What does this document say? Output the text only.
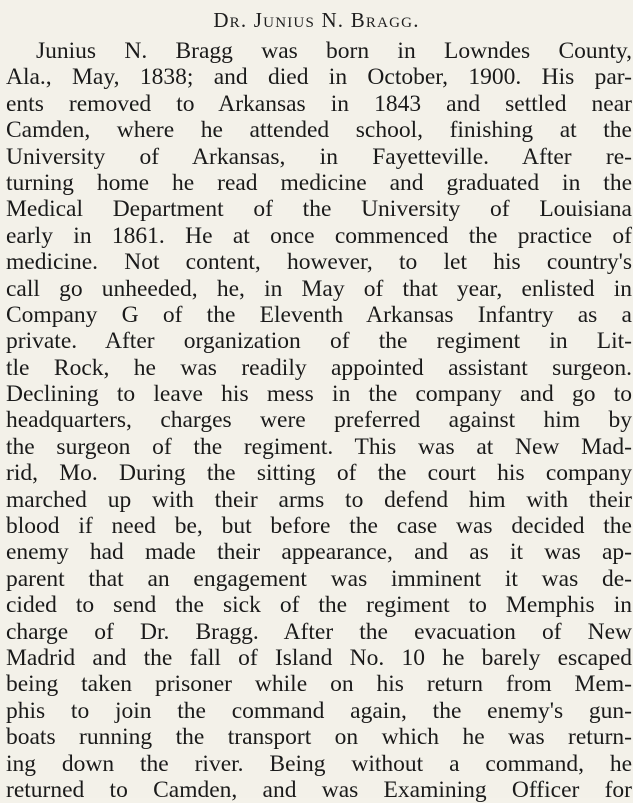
Dr. Junius N. Bragg.
Junius N. Bragg was born in Lowndes County,
Ala., May, 1838; and died in October, 1900. His par-
ents removed to Arkansas in 1843 and settled near
Camden, where he attended school, finishing at the
University of Arkansas, in Fayetteville. After re-
turning home he read medicine and graduated in the
Medical Department of the University of Louisiana
early in 1861. He at once commenced the practice of
medicine. Not content, however, to let his country's
call go unheeded, he, in May of that year, enlisted in
Company G of the Eleventh Arkansas Infantry as a
private. After organization of the regiment in Lit-
tle Rock, he was readily appointed assistant surgeon.
Declining to leave his mess in the company and go to
headquarters, charges were preferred against him by
the surgeon of the regiment. This was at New Mad-
rid, Mo. During the sitting of the court his company
marched up with their arms to defend him with their
blood if need be, but before the case was decided the
enemy had made their appearance, and as it was ap-
parent that an engagement was imminent it was de-
cided to send the sick of the regiment to Memphis in
charge of Dr. Bragg. After the evacuation of New
Madrid and the fall of Island No. 10 he barely escaped
being taken prisoner while on his return from Mem-
phis to join the command again, the enemy's gun-
boats running the transport on which he was return-
ing down the river. Being without a command, he
returned to Camden, and was Examining Officer for
